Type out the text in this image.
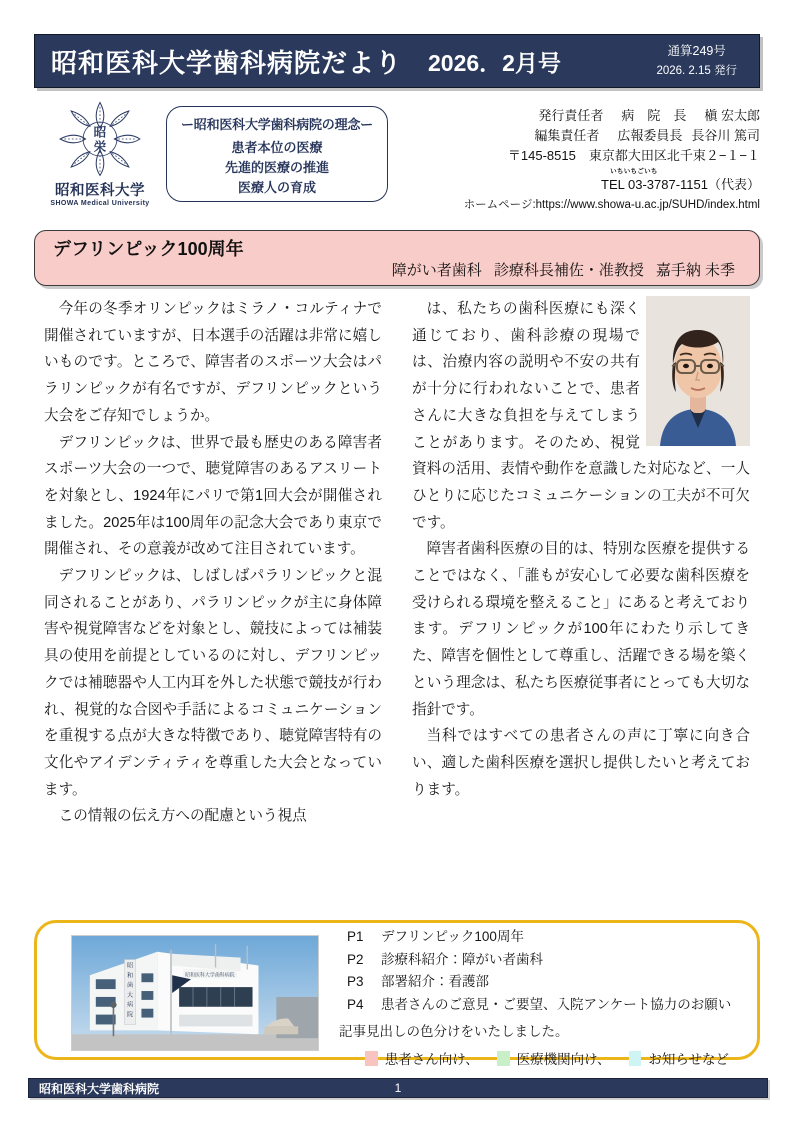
昭和医科大学歯科病院だより 2026．2月号	通算249号
2026. 2.15 発行
昭
栄
昭和医科大学
SHOWA Medical University
ー昭和医科大学歯科病院の理念ー
患者本位の医療
先進的医療の推進
医療人の育成
発行責任者 病　院　長 槇 宏太郎
編集責任者 広報委員長 長谷川 篤司
〒145-8515　東京都大田区北千束２−１−１
いちいちごいち
TEL 03-3787-1151（代表）
ホームページ:https://www.showa-u.ac.jp/SUHD/index.html
デフリンピック100周年
障がい者歯科 診療科長補佐・准教授 嘉手納 未季

今年の冬季オリンピックはミラノ・コルティナで開催されていますが、日本選手の活躍は非常に嬉しいものです。ところで、障害者のスポーツ大会はパラリンピックが有名ですが、デフリンピックという大会をご存知でしょうか。

デフリンピックは、世界で最も歴史のある障害者スポーツ大会の一つで、聴覚障害のあるアスリートを対象とし、1924年にパリで第1回大会が開催されました。2025年は100周年の記念大会であり東京で開催され、その意義が改めて注目されています。

デフリンピックは、しばしばパラリンピックと混同されることがあり、パラリンピックが主に身体障害や視覚障害などを対象とし、競技によっては補装具の使用を前提としているのに対し、デフリンピックでは補聴器や人工内耳を外した状態で競技が行われ、視覚的な合図や手話によるコミュニケーションを重視する点が大きな特徴であり、聴覚障害特有の文化やアイデンティティを尊重した大会となっています。

この情報の伝え方への配慮という視点

は、私たちの歯科医療にも深く通じており、歯科診療の現場では、治療内容の説明や不安の共有が十分に行われないことで、患者さんに大きな負担を与えてしまうことがあります。そのため、視覚資料の活用、表情や動作を意識した対応など、一人ひとりに応じたコミュニケーションの工夫が不可欠です。

障害者歯科医療の目的は、特別な医療を提供することではなく、「誰もが安心して必要な歯科医療を受けられる環境を整えること」にあると考えております。デフリンピックが100年にわたり示してきた、障害を個性として尊重し、活躍できる場を築くという理念は、私たち医療従事者にとっても大切な指針です。

当科ではすべての患者さんの声に丁寧に向き合い、適した歯科医療を選択し提供したいと考えております。

昭
和
歯
大
病
院
昭和医科大学歯科病院
P1	デフリンピック100周年
P2	診療科紹介：障がい者歯科
P3	部署紹介：看護部
P4	患者さんのご意見・ご要望、入院アンケート協力のお願い
記事見出しの色分けをいたしました。
患者さん向け、	医療機関向け、	お知らせなど
昭和医科大学歯科病院	1
